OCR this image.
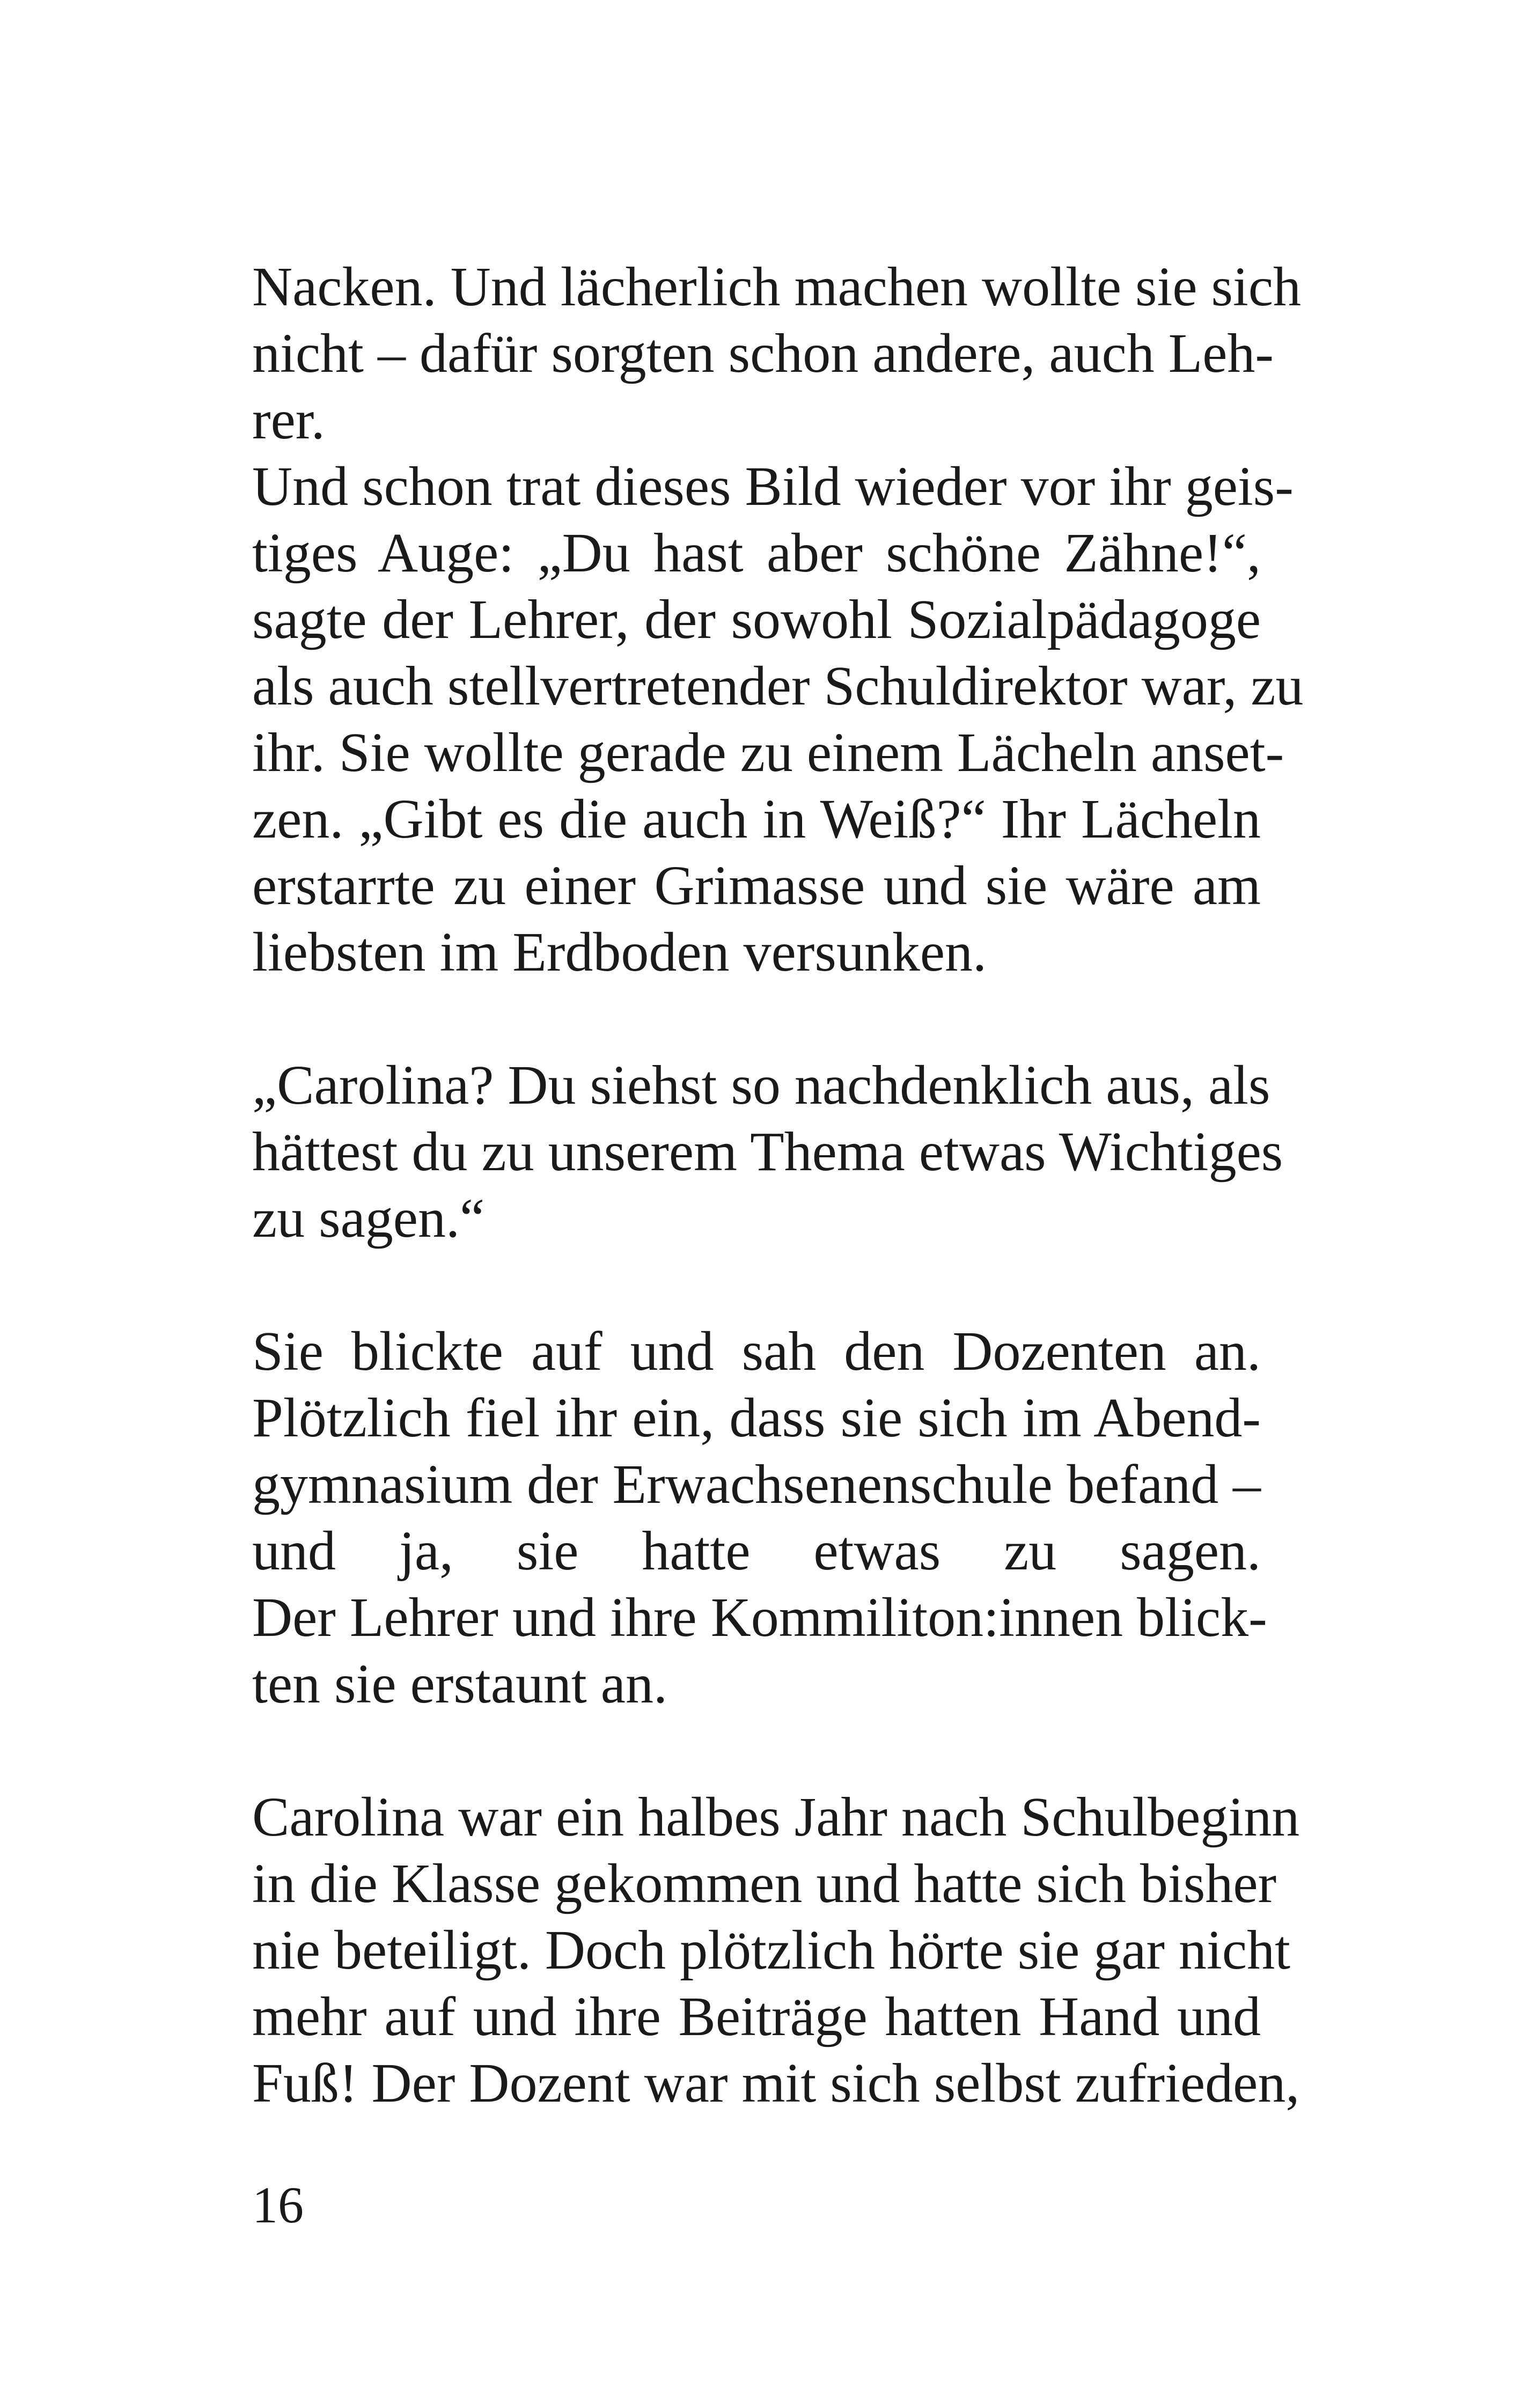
Nacken. Und lächerlich machen wollte sie sich
nicht – dafür sorgten schon andere, auch Leh-
rer.
Und schon trat dieses Bild wieder vor ihr geis-
tiges Auge: „Du hast aber schöne Zähne!“,
sagte der Lehrer, der sowohl Sozialpädagoge
als auch stellvertretender Schuldirektor war, zu
ihr. Sie wollte gerade zu einem Lächeln anset-
zen. „Gibt es die auch in Weiß?“ Ihr Lächeln
erstarrte zu einer Grimasse und sie wäre am
liebsten im Erdboden versunken.
„Carolina? Du siehst so nachdenklich aus, als
hättest du zu unserem Thema etwas Wichtiges
zu sagen.“
Sie blickte auf und sah den Dozenten an.
Plötzlich fiel ihr ein, dass sie sich im Abend-
gymnasium der Erwachsenenschule befand –
und ja, sie hatte etwas zu sagen.
Der Lehrer und ihre Kommiliton:innen blick-
ten sie erstaunt an.
Carolina war ein halbes Jahr nach Schulbeginn
in die Klasse gekommen und hatte sich bisher
nie beteiligt. Doch plötzlich hörte sie gar nicht
mehr auf und ihre Beiträge hatten Hand und
Fuß! Der Dozent war mit sich selbst zufrieden,
16
